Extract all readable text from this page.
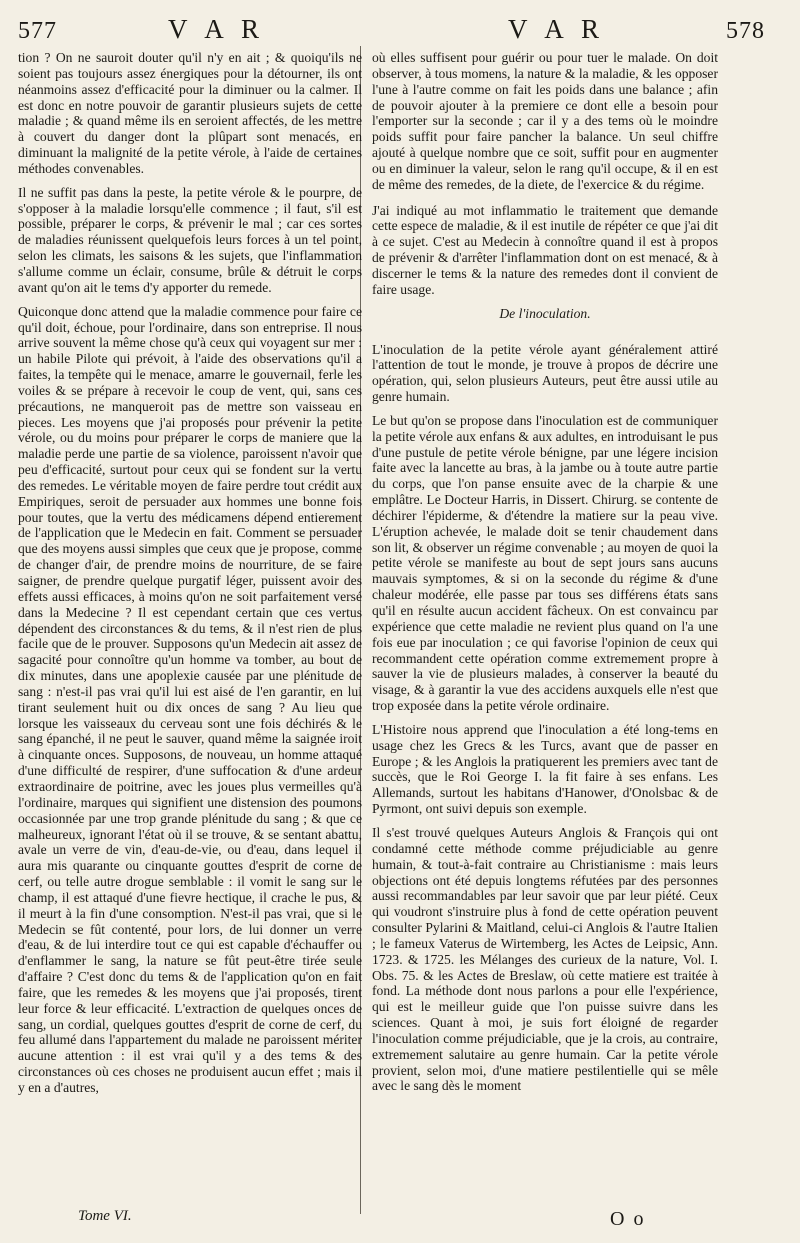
577	V A R	V A R	578

tion ? On ne sauroit douter qu'il n'y en ait ; & quoiqu'ils ne soient pas toujours assez énergiques pour la détourner, ils ont néanmoins assez d'efficacité pour la diminuer ou la calmer. Il est donc en notre pouvoir de garantir plusieurs sujets de cette maladie ; & quand même ils en seroient affectés, de les mettre à couvert du danger dont la plûpart sont menacés, en diminuant la malignité de la petite vérole, à l'aide de certaines méthodes convenables.

Il ne suffit pas dans la peste, la petite vérole & le pourpre, de s'opposer à la maladie lorsqu'elle commence ; il faut, s'il est possible, préparer le corps, & prévenir le mal ; car ces sortes de maladies réunissent quelquefois leurs forces à un tel point, selon les climats, les saisons & les sujets, que l'inflammation s'allume comme un éclair, consume, brûle & détruit le corps avant qu'on ait le tems d'y apporter du remede.

Quiconque donc attend que la maladie commence pour faire ce qu'il doit, échoue, pour l'ordinaire, dans son entreprise. Il nous arrive souvent la même chose qu'à ceux qui voyagent sur mer : un habile Pilote qui prévoit, à l'aide des observations qu'il a faites, la tempête qui le menace, amarre le gouvernail, ferle les voiles & se prépare à recevoir le coup de vent, qui, sans ces précautions, ne manqueroit pas de mettre son vaisseau en pieces. Les moyens que j'ai proposés pour prévenir la petite vérole, ou du moins pour préparer le corps de maniere que la maladie perde une partie de sa violence, paroissent n'avoir que peu d'efficacité, surtout pour ceux qui se fondent sur la vertu des remedes. Le véritable moyen de faire perdre tout crédit aux Empiriques, seroit de persuader aux hommes une bonne fois pour toutes, que la vertu des médicamens dépend entierement de l'application que le Medecin en fait. Comment se persuader que des moyens aussi simples que ceux que je propose, comme de changer d'air, de prendre moins de nourriture, de se faire saigner, de prendre quelque purgatif léger, puissent avoir des effets aussi efficaces, à moins qu'on ne soit parfaitement versé dans la Medecine ? Il est cependant certain que ces vertus dépendent des circonstances & du tems, & il n'est rien de plus facile que de le prouver. Supposons qu'un Medecin ait assez de sagacité pour connoître qu'un homme va tomber, au bout de dix minutes, dans une apoplexie causée par une plénitude de sang : n'est-il pas vrai qu'il lui est aisé de l'en garantir, en lui tirant seulement huit ou dix onces de sang ? Au lieu que lorsque les vaisseaux du cerveau sont une fois déchirés & le sang épanché, il ne peut le sauver, quand même la saignée iroit à cinquante onces. Supposons, de nouveau, un homme attaqué d'une difficulté de respirer, d'une suffocation & d'une ardeur extraordinaire de poitrine, avec les joues plus vermeilles qu'à l'ordinaire, marques qui signifient une distension des poumons occasionnée par une trop grande plénitude du sang ; & que ce malheureux, ignorant l'état où il se trouve, & se sentant abattu, avale un verre de vin, d'eau-de-vie, ou d'eau, dans lequel il aura mis quarante ou cinquante gouttes d'esprit de corne de cerf, ou telle autre drogue semblable : il vomit le sang sur le champ, il est attaqué d'une fievre hectique, il crache le pus, & il meurt à la fin d'une consomption. N'est-il pas vrai, que si le Medecin se fût contenté, pour lors, de lui donner un verre d'eau, & de lui interdire tout ce qui est capable d'échauffer ou d'enflammer le sang, la nature se fût peut-être tirée seule d'affaire ? C'est donc du tems & de l'application qu'on en fait faire, que les remedes & les moyens que j'ai proposés, tirent leur force & leur efficacité. L'extraction de quelques onces de sang, un cordial, quelques gouttes d'esprit de corne de cerf, du feu allumé dans l'appartement du malade ne paroissent mériter aucune attention : il est vrai qu'il y a des tems & des circonstances où ces choses ne produisent aucun effet ; mais il y en a d'autres,

où elles suffisent pour guérir ou pour tuer le malade. On doit observer, à tous momens, la nature & la maladie, & les opposer l'une à l'autre comme on fait les poids dans une balance ; afin de pouvoir ajouter à la premiere ce dont elle a besoin pour l'emporter sur la seconde ; car il y a des tems où le moindre poids suffit pour faire pancher la balance. Un seul chiffre ajouté à quelque nombre que ce soit, suffit pour en augmenter ou en diminuer la valeur, selon le rang qu'il occupe, & il en est de même des remedes, de la diete, de l'exercice & du régime.

J'ai indiqué au mot inflammatio le traitement que demande cette espece de maladie, & il est inutile de répéter ce que j'ai dit à ce sujet. C'est au Medecin à connoître quand il est à propos de prévenir & d'arrêter l'inflammation dont on est menacé, & à discerner le tems & la nature des remedes dont il convient de faire usage.

De l'inoculation.

L'inoculation de la petite vérole ayant généralement attiré l'attention de tout le monde, je trouve à propos de décrire une opération, qui, selon plusieurs Auteurs, peut être aussi utile au genre humain.

Le but qu'on se propose dans l'inoculation est de communiquer la petite vérole aux enfans & aux adultes, en introduisant le pus d'une pustule de petite vérole bénigne, par une légere incision faite avec la lancette au bras, à la jambe ou à toute autre partie du corps, que l'on panse ensuite avec de la charpie & une emplâtre. Le Docteur Harris, in Dissert. Chirurg. se contente de déchirer l'épiderme, & d'étendre la matiere sur la peau vive. L'éruption achevée, le malade doit se tenir chaudement dans son lit, & observer un régime convenable ; au moyen de quoi la petite vérole se manifeste au bout de sept jours sans aucuns mauvais symptomes, & si on la seconde du régime & d'une chaleur modérée, elle passe par tous ses différens états sans qu'il en résulte aucun accident fâcheux. On est convaincu par expérience que cette maladie ne revient plus quand on l'a une fois eue par inoculation ; ce qui favorise l'opinion de ceux qui recommandent cette opération comme extremement propre à sauver la vie de plusieurs malades, à conserver la beauté du visage, & à garantir la vue des accidens auxquels elle n'est que trop exposée dans la petite vérole ordinaire.

L'Histoire nous apprend que l'inoculation a été long-tems en usage chez les Grecs & les Turcs, avant que de passer en Europe ; & les Anglois la pratiquerent les premiers avec tant de succès, que le Roi George I. la fit faire à ses enfans. Les Allemands, surtout les habitans d'Hanower, d'Onolsbac & de Pyrmont, ont suivi depuis son exemple.

Il s'est trouvé quelques Auteurs Anglois & François qui ont condamné cette méthode comme préjudiciable au genre humain, & tout-à-fait contraire au Christianisme : mais leurs objections ont été depuis longtems réfutées par des personnes aussi recommandables par leur savoir que par leur piété. Ceux qui voudront s'instruire plus à fond de cette opération peuvent consulter Pylarini & Maitland, celui-ci Anglois & l'autre Italien ; le fameux Vaterus de Wirtemberg, les Actes de Leipsic, Ann. 1723. & 1725. les Mélanges des curieux de la nature, Vol. I. Obs. 75. & les Actes de Breslaw, où cette matiere est traitée à fond. La méthode dont nous parlons a pour elle l'expérience, qui est le meilleur guide que l'on puisse suivre dans les sciences. Quant à moi, je suis fort éloigné de regarder l'inoculation comme préjudiciable, que je la crois, au contraire, extremement salutaire au genre humain. Car la petite vérole provient, selon moi, d'une matiere pestilentielle qui se mêle avec le sang dès le moment

Tome VI.	O o
